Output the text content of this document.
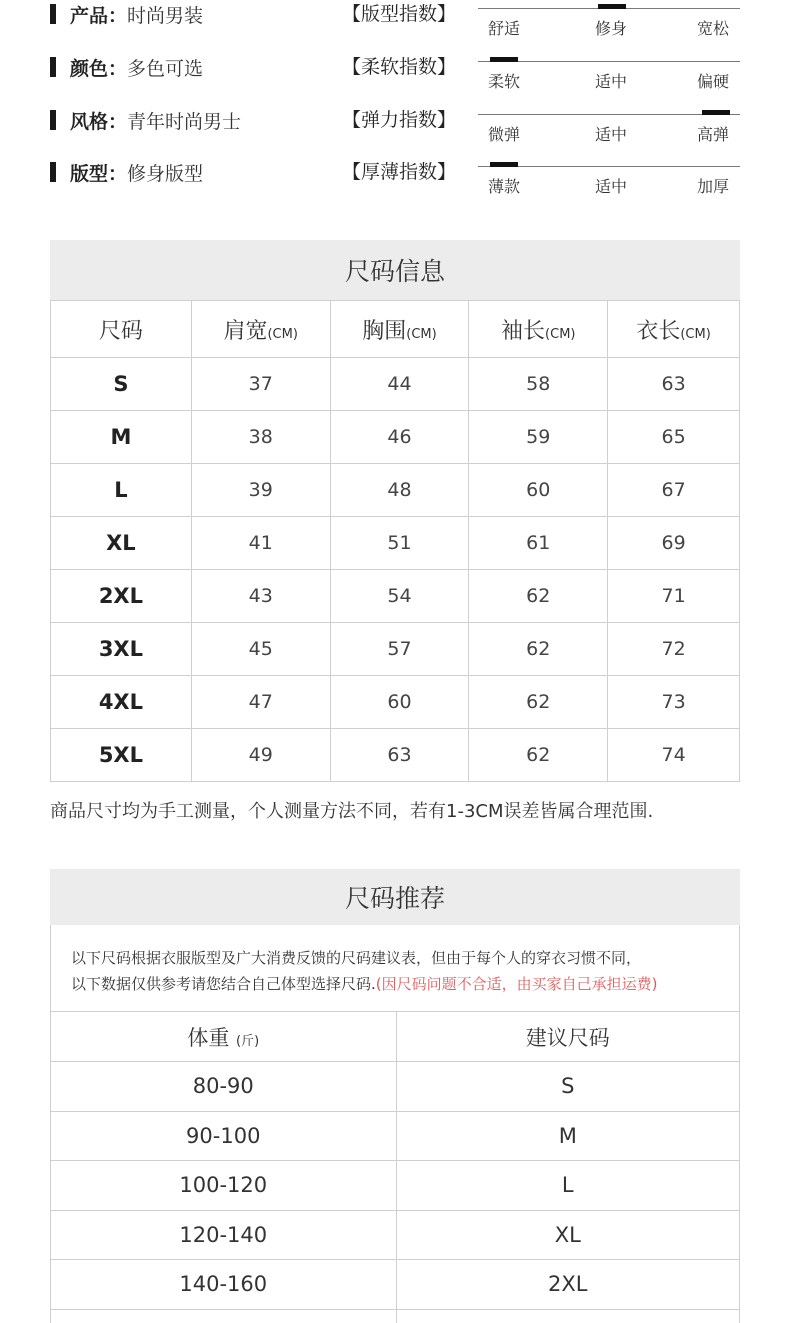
产品： 时尚男装
颜色： 多色可选
风格： 青年时尚男士
版型： 修身版型
【版型指数】
舒适	修身	宽松
【柔软指数】
柔软	适中	偏硬
【弹力指数】
微弹	适中	高弹
【厚薄指数】
薄款	适中	加厚
尺码信息
尺码	肩宽(CM)	胸围(CM)	袖长(CM)	衣长(CM)
S	37	44	58	63
M	38	46	59	65
L	39	48	60	67
XL	41	51	61	69
2XL	43	54	62	71
3XL	45	57	62	72
4XL	47	60	62	73
5XL	49	63	62	74
商品尺寸均为手工测量，个人测量方法不同，若有1-3CM误差皆属合理范围.
尺码推荐
以下尺码根据衣服版型及广大消费反馈的尺码建议表，但由于每个人的穿衣习惯不同，
以下数据仅供参考请您结合自己体型选择尺码.(因尺码问题不合适，由买家自己承担运费)
体重 (斤)	建议尺码
80-90	S
90-100	M
100-120	L
120-140	XL
140-160	2XL
